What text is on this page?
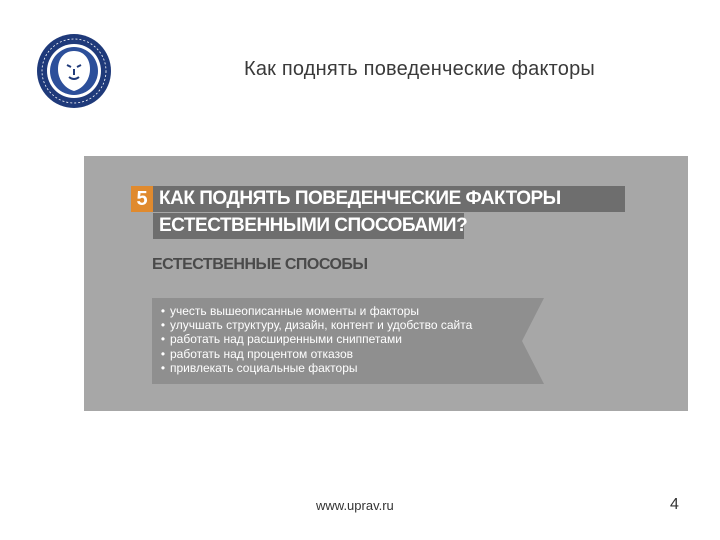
Как поднять поведенческие факторы
5 КАК ПОДНЯТЬ ПОВЕДЕНЧЕСКИЕ ФАКТОРЫ
ЕСТЕСТВЕННЫМИ СПОСОБАМИ?
ЕСТЕСТВЕННЫЕ СПОСОБЫ
• учесть вышеописанные моменты и факторы
• улучшать структуру, дизайн, контент и удобство сайта
• работать над расширенными сниппетами
• работать над процентом отказов
• привлекать социальные факторы
www.uprav.ru	4
